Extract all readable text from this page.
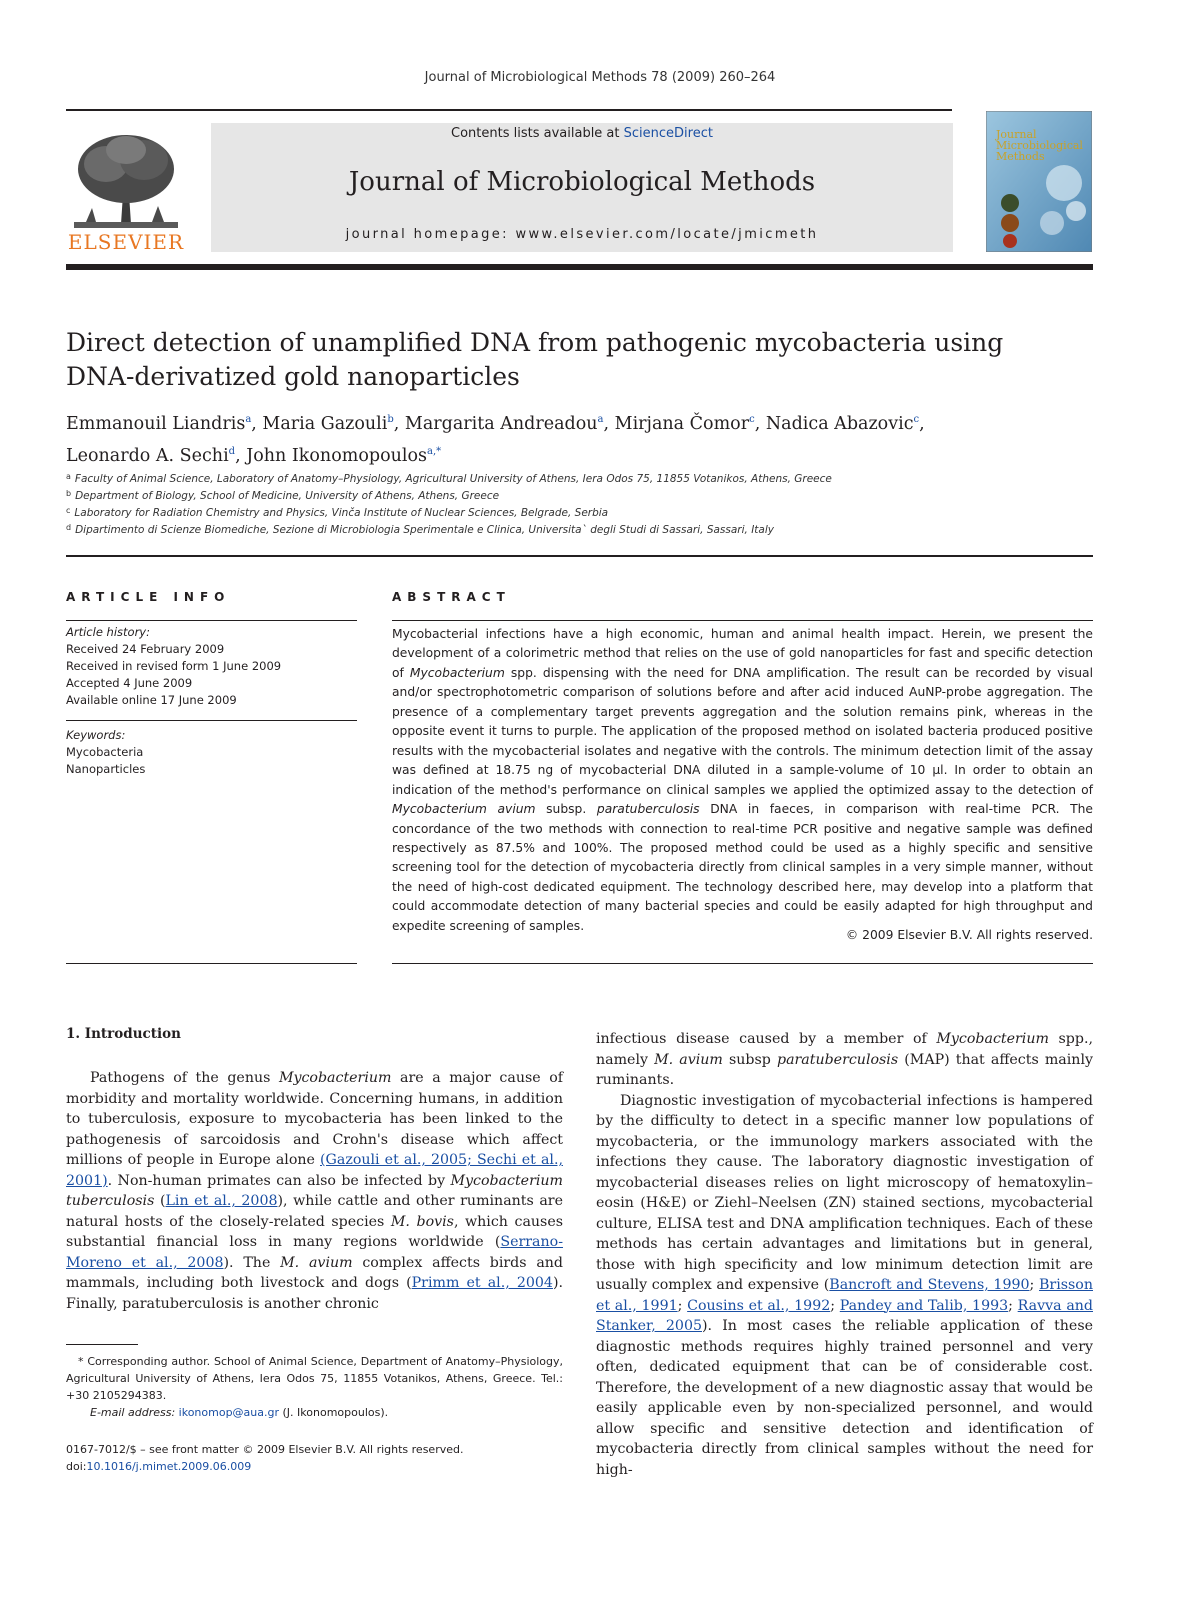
Journal of Microbiological Methods 78 (2009) 260–264
ELSEVIER
Contents lists available at ScienceDirect
Journal of Microbiological Methods
journal homepage: www.elsevier.com/locate/jmicmeth
Journal
Microbiological
Methods
Direct detection of unamplified DNA from pathogenic mycobacteria using
DNA-derivatized gold nanoparticles
Emmanouil Liandris$^a$, Maria Gazouli$^b$, Margarita Andreadou$^a$, Mirjana Čomor$^c$, Nadica Abazovic$^c$,
Leonardo A. Sechi$^d$, John Ikonomopoulos$^{a,*}$
$^a$ Faculty of Animal Science, Laboratory of Anatomy–Physiology, Agricultural University of Athens, Iera Odos 75, 11855 Votanikos, Athens, Greece
$^b$ Department of Biology, School of Medicine, University of Athens, Athens, Greece
$^c$ Laboratory for Radiation Chemistry and Physics, Vinča Institute of Nuclear Sciences, Belgrade, Serbia
$^d$ Dipartimento di Scienze Biomediche, Sezione di Microbiologia Sperimentale e Clinica, Universita` degli Studi di Sassari, Sassari, Italy
ARTICLE INFO	ABSTRACT
Article history:
Received 24 February 2009
Received in revised form 1 June 2009
Accepted 4 June 2009
Available online 17 June 2009
Keywords:
Mycobacteria
Nanoparticles
Mycobacterial infections have a high economic, human and animal health impact. Herein, we present the development of a colorimetric method that relies on the use of gold nanoparticles for fast and specific detection of Mycobacterium spp. dispensing with the need for DNA amplification. The result can be recorded by visual and/or spectrophotometric comparison of solutions before and after acid induced AuNP-probe aggregation. The presence of a complementary target prevents aggregation and the solution remains pink, whereas in the opposite event it turns to purple. The application of the proposed method on isolated bacteria produced positive results with the mycobacterial isolates and negative with the controls. The minimum detection limit of the assay was defined at 18.75 ng of mycobacterial DNA diluted in a sample-volume of 10 μl. In order to obtain an indication of the method's performance on clinical samples we applied the optimized assay to the detection of Mycobacterium avium subsp. paratuberculosis DNA in faeces, in comparison with real-time PCR. The concordance of the two methods with connection to real-time PCR positive and negative sample was defined respectively as 87.5% and 100%. The proposed method could be used as a highly specific and sensitive screening tool for the detection of mycobacteria directly from clinical samples in a very simple manner, without the need of high-cost dedicated equipment. The technology described here, may develop into a platform that could accommodate detection of many bacterial species and could be easily adapted for high throughput and expedite screening of samples.
© 2009 Elsevier B.V. All rights reserved.
1. Introduction

Pathogens of the genus Mycobacterium are a major cause of morbidity and mortality worldwide. Concerning humans, in addition to tuberculosis, exposure to mycobacteria has been linked to the pathogenesis of sarcoidosis and Crohn's disease which affect millions of people in Europe alone (Gazouli et al., 2005; Sechi et al., 2001). Non-human primates can also be infected by Mycobacterium tuberculosis (Lin et al., 2008), while cattle and other ruminants are natural hosts of the closely-related species M. bovis, which causes substantial financial loss in many regions worldwide (Serrano-Moreno et al., 2008). The M. avium complex affects birds and mammals, including both livestock and dogs (Primm et al., 2004). Finally, paratuberculosis is another chronic

infectious disease caused by a member of Mycobacterium spp., namely M. avium subsp paratuberculosis (MAP) that affects mainly ruminants.

Diagnostic investigation of mycobacterial infections is hampered by the difficulty to detect in a specific manner low populations of mycobacteria, or the immunology markers associated with the infections they cause. The laboratory diagnostic investigation of mycobacterial diseases relies on light microscopy of hematoxylin–eosin (H&E) or Ziehl–Neelsen (ZN) stained sections, mycobacterial culture, ELISA test and DNA amplification techniques. Each of these methods has certain advantages and limitations but in general, those with high specificity and low minimum detection limit are usually complex and expensive (Bancroft and Stevens, 1990; Brisson et al., 1991; Cousins et al., 1992; Pandey and Talib, 1993; Ravva and Stanker, 2005). In most cases the reliable application of these diagnostic methods requires highly trained personnel and very often, dedicated equipment that can be of considerable cost. Therefore, the development of a new diagnostic assay that would be easily applicable even by non-specialized personnel, and would allow specific and sensitive detection and identification of mycobacteria directly from clinical samples without the need for high-

* Corresponding author. School of Animal Science, Department of Anatomy–Physiology, Agricultural University of Athens, Iera Odos 75, 11855 Votanikos, Athens, Greece. Tel.: +30 2105294383.
E-mail address: ikonomop@aua.gr (J. Ikonomopoulos).
0167-7012/$ – see front matter © 2009 Elsevier B.V. All rights reserved.
doi:10.1016/j.mimet.2009.06.009
